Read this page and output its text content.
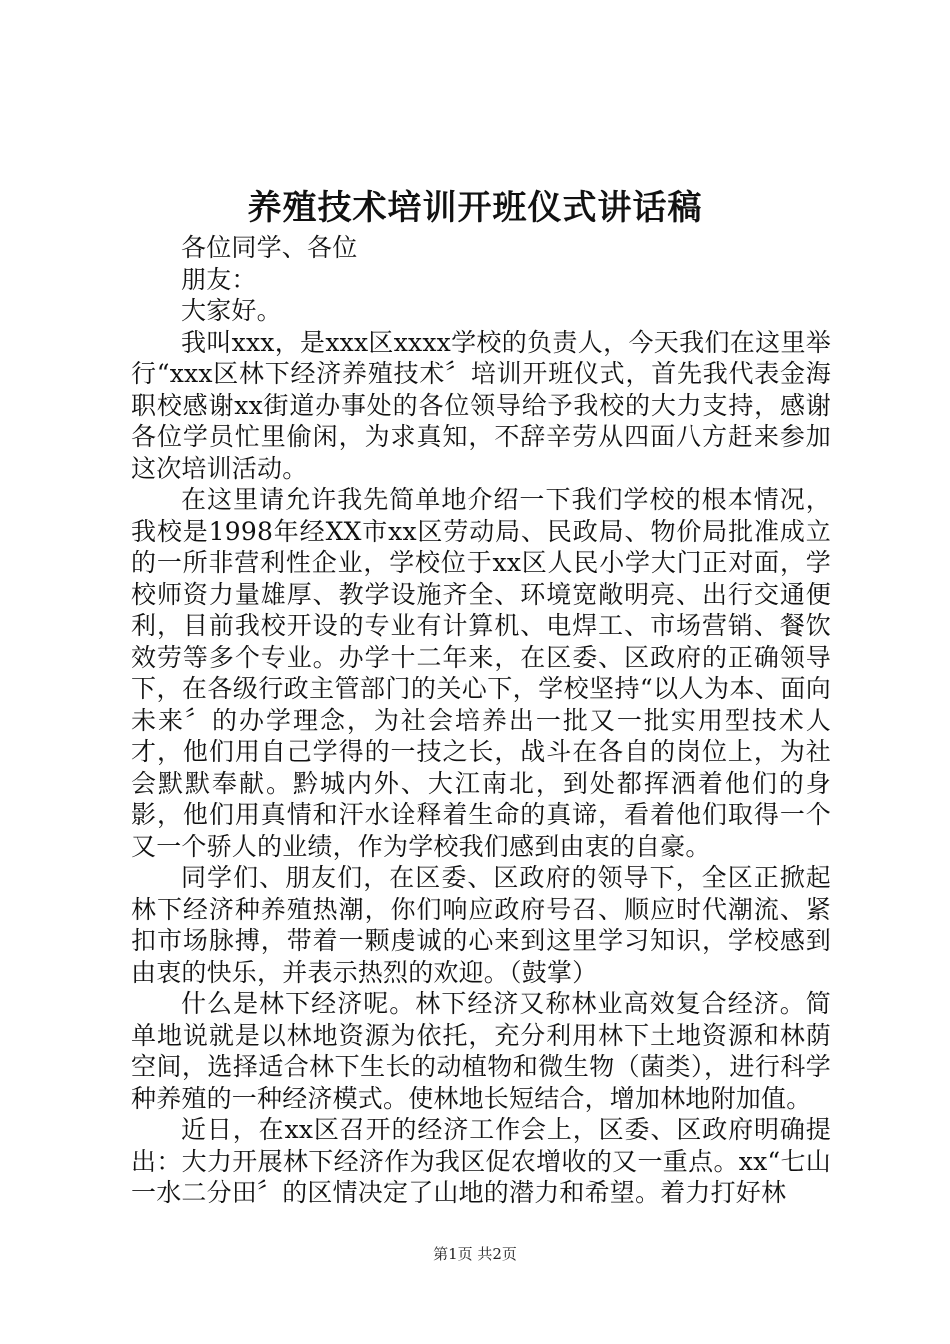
养殖技术培训开班仪式讲话稿

各位同学、各位

朋友：

大家好。

我叫xxx，是xxx区xxxx学校的负责人，今天我们在这里举行“xxx区林下经济养殖技术〞培训开班仪式，首先我代表金海职校感谢xx街道办事处的各位领导给予我校的大力支持，感谢各位学员忙里偷闲，为求真知，不辞辛劳从四面八方赶来参加这次培训活动。

在这里请允许我先简单地介绍一下我们学校的根本情况，我校是1998年经XX市xx区劳动局、民政局、物价局批准成立的一所非营利性企业，学校位于xx区人民小学大门正对面，学校师资力量雄厚、教学设施齐全、环境宽敞明亮、出行交通便利，目前我校开设的专业有计算机、电焊工、市场营销、餐饮效劳等多个专业。办学十二年来，在区委、区政府的正确领导下，在各级行政主管部门的关心下，学校坚持“以人为本、面向未来〞的办学理念，为社会培养出一批又一批实用型技术人才，他们用自己学得的一技之长，战斗在各自的岗位上，为社会默默奉献。黔城内外、大江南北，到处都挥洒着他们的身影，他们用真情和汗水诠释着生命的真谛，看着他们取得一个又一个骄人的业绩，作为学校我们感到由衷的自豪。

同学们、朋友们，在区委、区政府的领导下，全区正掀起林下经济种养殖热潮，你们响应政府号召、顺应时代潮流、紧扣市场脉搏，带着一颗虔诚的心来到这里学习知识，学校感到由衷的快乐，并表示热烈的欢迎。（鼓掌）

什么是林下经济呢。林下经济又称林业高效复合经济。简单地说就是以林地资源为依托，充分利用林下土地资源和林荫空间，选择适合林下生长的动植物和微生物（菌类），进行科学种养殖的一种经济模式。使林地长短结合，增加林地附加值。

近日，在xx区召开的经济工作会上，区委、区政府明确提出：大力开展林下经济作为我区促农增收的又一重点。xx“七山一水二分田〞的区情决定了山地的潜力和希望。着力打好林

第1页 共2页
